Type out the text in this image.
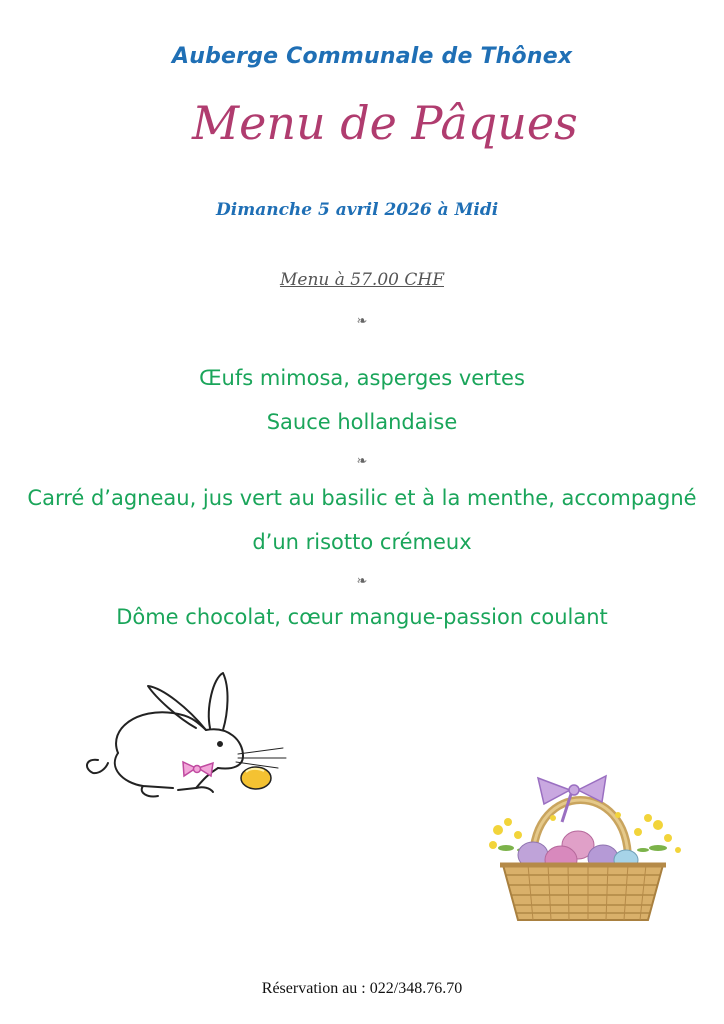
Auberge Communale de Thônex
Menu de Pâques
Dimanche 5 avril 2026 à Midi
Menu à 57.00 CHF
❧
Œufs mimosa, asperges vertes
Sauce hollandaise
❧
Carré d’agneau, jus vert au basilic et à la menthe, accompagné
d’un risotto crémeux
❧
Dôme chocolat, cœur mangue-passion coulant
Réservation au : 022/348.76.70
